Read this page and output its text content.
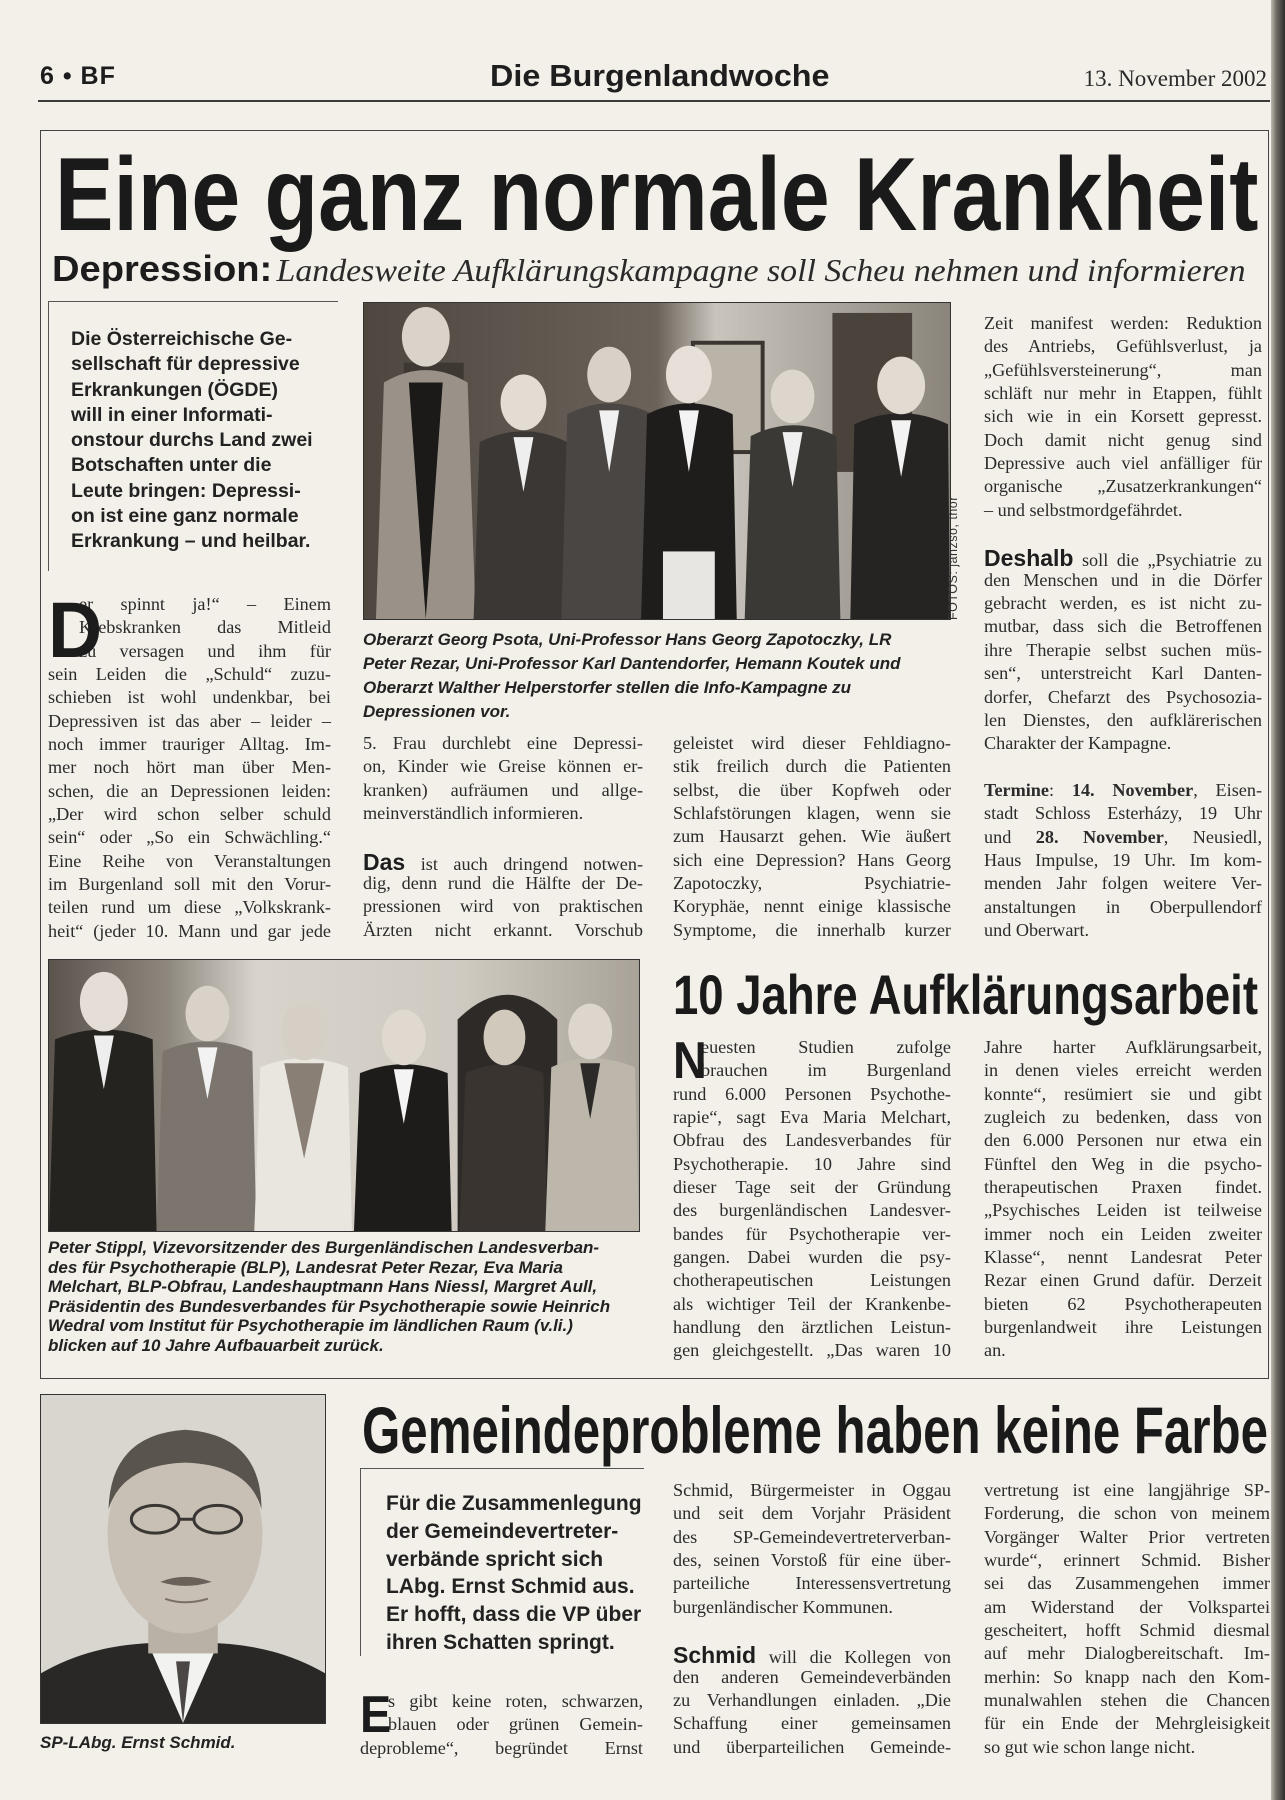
6 • BF	Die Burgenlandwoche	13. November 2002
Eine ganz normale Krankheit
Depression: Landesweite Aufklärungskampagne soll Scheu nehmen und informieren
Die Österreichische Ge-
sellschaft für depressive
Erkrankungen (ÖGDE)
will in einer Informati-
onstour durchs Land zwei
Botschaften unter die
Leute bringen: Depressi-
on ist eine ganz normale
Erkrankung – und heilbar.	FOTOS: janzso, thor
Oberarzt Georg Psota, Uni-Professor Hans Georg Zapotoczky, LR
Peter Rezar, Uni-Professor Karl Dantendorfer, Hemann Koutek und
Oberarzt Walther Helperstorfer stellen die Info-Kampagne zu
Depressionen vor.
D
er spinnt ja!“ – Einem
Krebskranken das Mitleid
zu versagen und ihm für
sein Leiden die „Schuld“ zuzu-
schieben ist wohl undenkbar, bei
Depressiven ist das aber – leider –
noch immer trauriger Alltag. Im-
mer noch hört man über Men-
schen, die an Depressionen leiden:
„Der wird schon selber schuld
sein“ oder „So ein Schwächling.“
Eine Reihe von Veranstaltungen
im Burgenland soll mit den Vorur-
teilen rund um diese „Volkskrank-
heit“ (jeder 10. Mann und gar jede
5. Frau durchlebt eine Depressi-
on, Kinder wie Greise können er-
kranken) aufräumen und allge-
meinverständlich informieren.
Das ist auch dringend notwen-
dig, denn rund die Hälfte der De-
pressionen wird von praktischen
Ärzten nicht erkannt. Vorschub
geleistet wird dieser Fehldiagno-
stik freilich durch die Patienten
selbst, die über Kopfweh oder
Schlafstörungen klagen, wenn sie
zum Hausarzt gehen. Wie äußert
sich eine Depression? Hans Georg
Zapotoczky, Psychiatrie-
Koryphäe, nennt einige klassische
Symptome, die innerhalb kurzer
Zeit manifest werden: Reduktion
des Antriebs, Gefühlsverlust, ja
„Gefühlsversteinerung“, man
schläft nur mehr in Etappen, fühlt
sich wie in ein Korsett gepresst.
Doch damit nicht genug sind
Depressive auch viel anfälliger für
organische „Zusatzerkrankungen“
– und selbstmordgefährdet.
Deshalb soll die „Psychiatrie zu
den Menschen und in die Dörfer
gebracht werden, es ist nicht zu-
mutbar, dass sich die Betroffenen
ihre Therapie selbst suchen müs-
sen“, unterstreicht Karl Danten-
dorfer, Chefarzt des Psychosozia-
len Dienstes, den aufklärerischen
Charakter der Kampagne.
Termine: 14. November, Eisen-
stadt Schloss Esterházy, 19 Uhr
und 28. November, Neusiedl,
Haus Impulse, 19 Uhr. Im kom-
menden Jahr folgen weitere Ver-
anstaltungen in Oberpullendorf
und Oberwart.
Peter Stippl, Vizevorsitzender des Burgenländischen Landesverban-
des für Psychotherapie (BLP), Landesrat Peter Rezar, Eva Maria
Melchart, BLP-Obfrau, Landeshauptmann Hans Niessl, Margret Aull,
Präsidentin des Bundesverbandes für Psychotherapie sowie Heinrich
Wedral vom Institut für Psychotherapie im ländlichen Raum (v.li.)
blicken auf 10 Jahre Aufbauarbeit zurück.
10 Jahre Aufklärungsarbeit
N
euesten Studien zufolge
brauchen im Burgenland
rund 6.000 Personen Psychothe-
rapie“, sagt Eva Maria Melchart,
Obfrau des Landesverbandes für
Psychotherapie. 10 Jahre sind
dieser Tage seit der Gründung
des burgenländischen Landesver-
bandes für Psychotherapie ver-
gangen. Dabei wurden die psy-
chotherapeutischen Leistungen
als wichtiger Teil der Krankenbe-
handlung den ärztlichen Leistun-
gen gleichgestellt. „Das waren 10
Jahre harter Aufklärungsarbeit,
in denen vieles erreicht werden
konnte“, resümiert sie und gibt
zugleich zu bedenken, dass von
den 6.000 Personen nur etwa ein
Fünftel den Weg in die psycho-
therapeutischen Praxen findet.
„Psychisches Leiden ist teilweise
immer noch ein Leiden zweiter
Klasse“, nennt Landesrat Peter
Rezar einen Grund dafür. Derzeit
bieten 62 Psychotherapeuten
burgenlandweit ihre Leistungen
an.
SP-LAbg. Ernst Schmid.
Gemeindeprobleme haben keine Farbe
Für die Zusammenlegung
der Gemeindevertreter-
verbände spricht sich
LAbg. Ernst Schmid aus.
Er hofft, dass die VP über
ihren Schatten springt.
E
s gibt keine roten, schwarzen,
blauen oder grünen Gemein-
deprobleme“, begründet Ernst
Schmid, Bürgermeister in Oggau
und seit dem Vorjahr Präsident
des SP-Gemeindevertreterverban-
des, seinen Vorstoß für eine über-
parteiliche Interessensvertretung
burgenländischer Kommunen.
Schmid will die Kollegen von
den anderen Gemeindeverbänden
zu Verhandlungen einladen. „Die
Schaffung einer gemeinsamen
und überparteilichen Gemeinde-
vertretung ist eine langjährige SP-
Forderung, die schon von meinem
Vorgänger Walter Prior vertreten
wurde“, erinnert Schmid. Bisher
sei das Zusammengehen immer
am Widerstand der Volkspartei
gescheitert, hofft Schmid diesmal
auf mehr Dialogbereitschaft. Im-
merhin: So knapp nach den Kom-
munalwahlen stehen die Chancen
für ein Ende der Mehrgleisigkeit
so gut wie schon lange nicht.
